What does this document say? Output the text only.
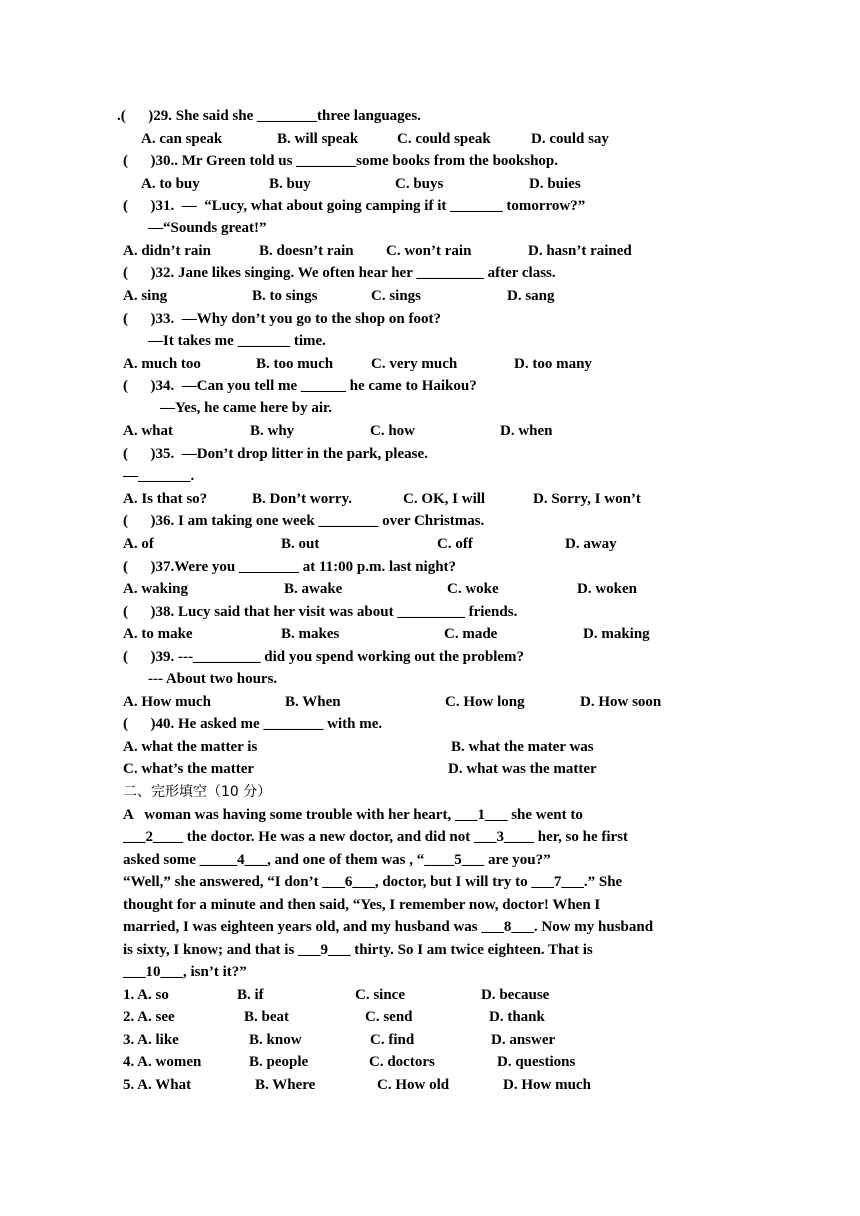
.(      )29. She said she ________three languages.
A. can speak	B. will speak	C. could speak	D. could say
(      )30.. Mr Green told us ________some books from the bookshop.
A. to buy	B. buy	C. buys	D. buies
(      )31.  —  “Lucy, what about going camping if it _______ tomorrow?”
—“Sounds great!”
A. didn’t rain	B. doesn’t rain C. won’t rain	D. hasn’t rained
(      )32. Jane likes singing. We often hear her _________ after class.
A. sing	B. to sings	C. sings	D. sang
(      )33.  —Why don’t you go to the shop on foot?
—It takes me _______ time.
A. much too	B. too much	C. very much	D. too many
(      )34.  —Can you tell me ______ he came to Haikou?
—Yes, he came here by air.
A. what	B. why	C. how	D. when
(      )35.  —Don’t drop litter in the park, please.
—_______.
A. Is that so?	B. Don’t worry.	C. OK, I will	D. Sorry, I won’t
(      )36. I am taking one week ________ over Christmas.
A. of	B. out	C. off	D. away
(      )37.Were you ________ at 11:00 p.m. last night?
A. waking	B. awake	C. woke	D. woken
(      )38. Lucy said that her visit was about _________ friends.
A. to make	B. makes	C. made	D. making
(      )39. ---_________ did you spend working out the problem?
--- About two hours.
A. How much	B. When	C. How long	D. How soon
(      )40. He asked me ________ with me.
A. what the matter is	B. what the mater was
C. what’s the matter	D. what was the matter
二、完形填空（10 分）
A   woman was having some trouble with her heart, ___1___ she went to
___2____ the doctor. He was a new doctor, and did not ___3____ her, so he first
asked some _____4___, and one of them was , “____5___ are you?”
“Well,” she answered, “I don’t ___6___, doctor, but I will try to ___7___.” She
thought for a minute and then said, “Yes, I remember now, doctor! When I
married, I was eighteen years old, and my husband was ___8___. Now my husband
is sixty, I know; and that is ___9___ thirty. So I am twice eighteen. That is
___10___, isn’t it?”
1. A. so	B. if	C. since	D. because
2. A. see	B. beat	C. send	D. thank
3. A. like	B. know	C. find	D. answer
4. A. women	B. people	C. doctors	D. questions
5. A. What	B. Where	C. How old	D. How much
